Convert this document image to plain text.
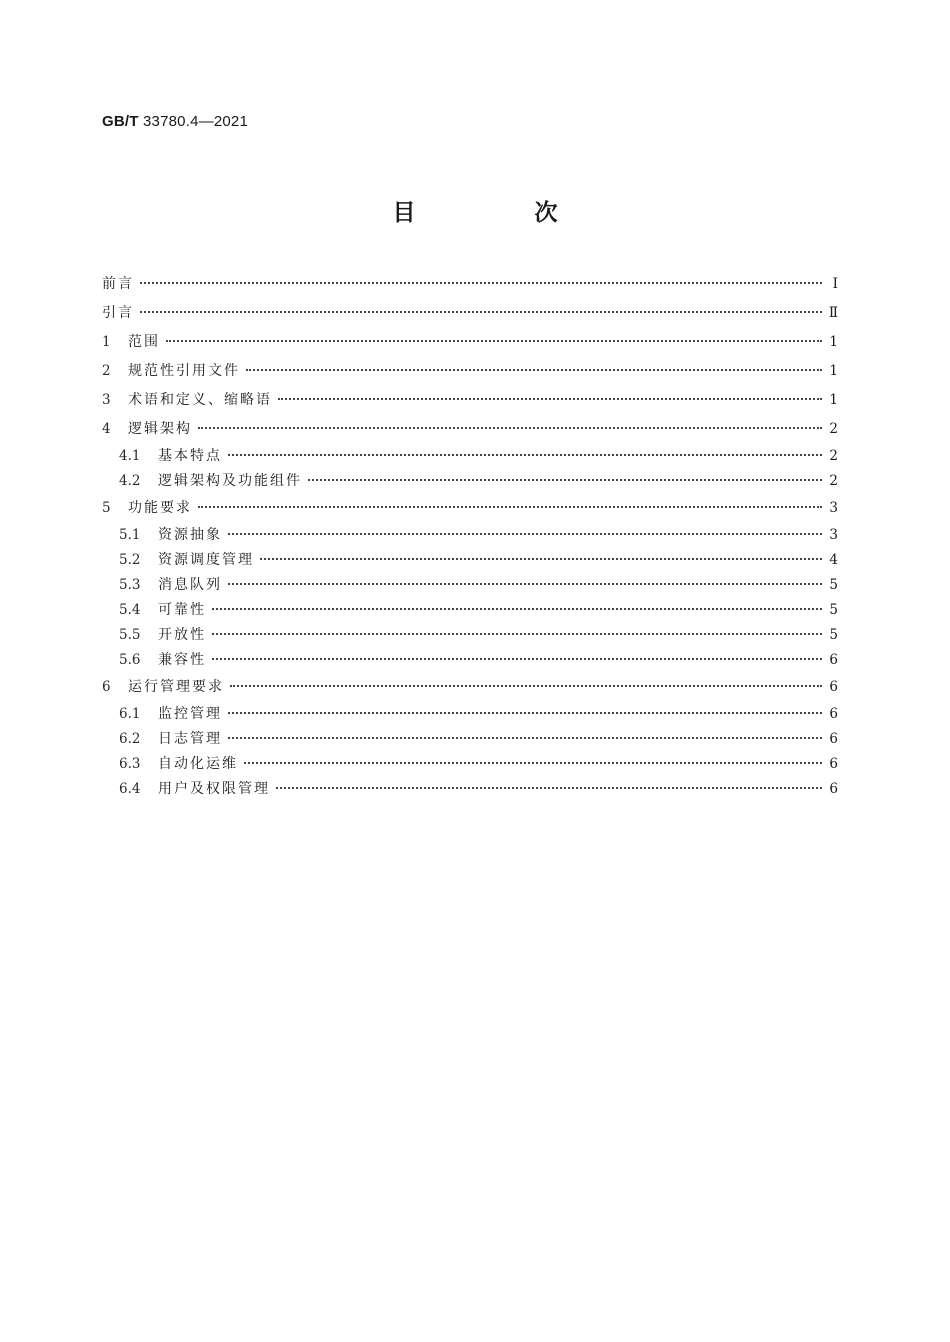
GB/T 33780.4—2021
目　次
前言	Ⅰ
引言	Ⅱ
1	范围	1
2	规范性引用文件	1
3	术语和定义、缩略语	1
4	逻辑架构	2
4.1	基本特点	2
4.2	逻辑架构及功能组件	2
5	功能要求	3
5.1	资源抽象	3
5.2	资源调度管理	4
5.3	消息队列	5
5.4	可靠性	5
5.5	开放性	5
5.6	兼容性	6
6	运行管理要求	6
6.1	监控管理	6
6.2	日志管理	6
6.3	自动化运维	6
6.4	用户及权限管理	6
